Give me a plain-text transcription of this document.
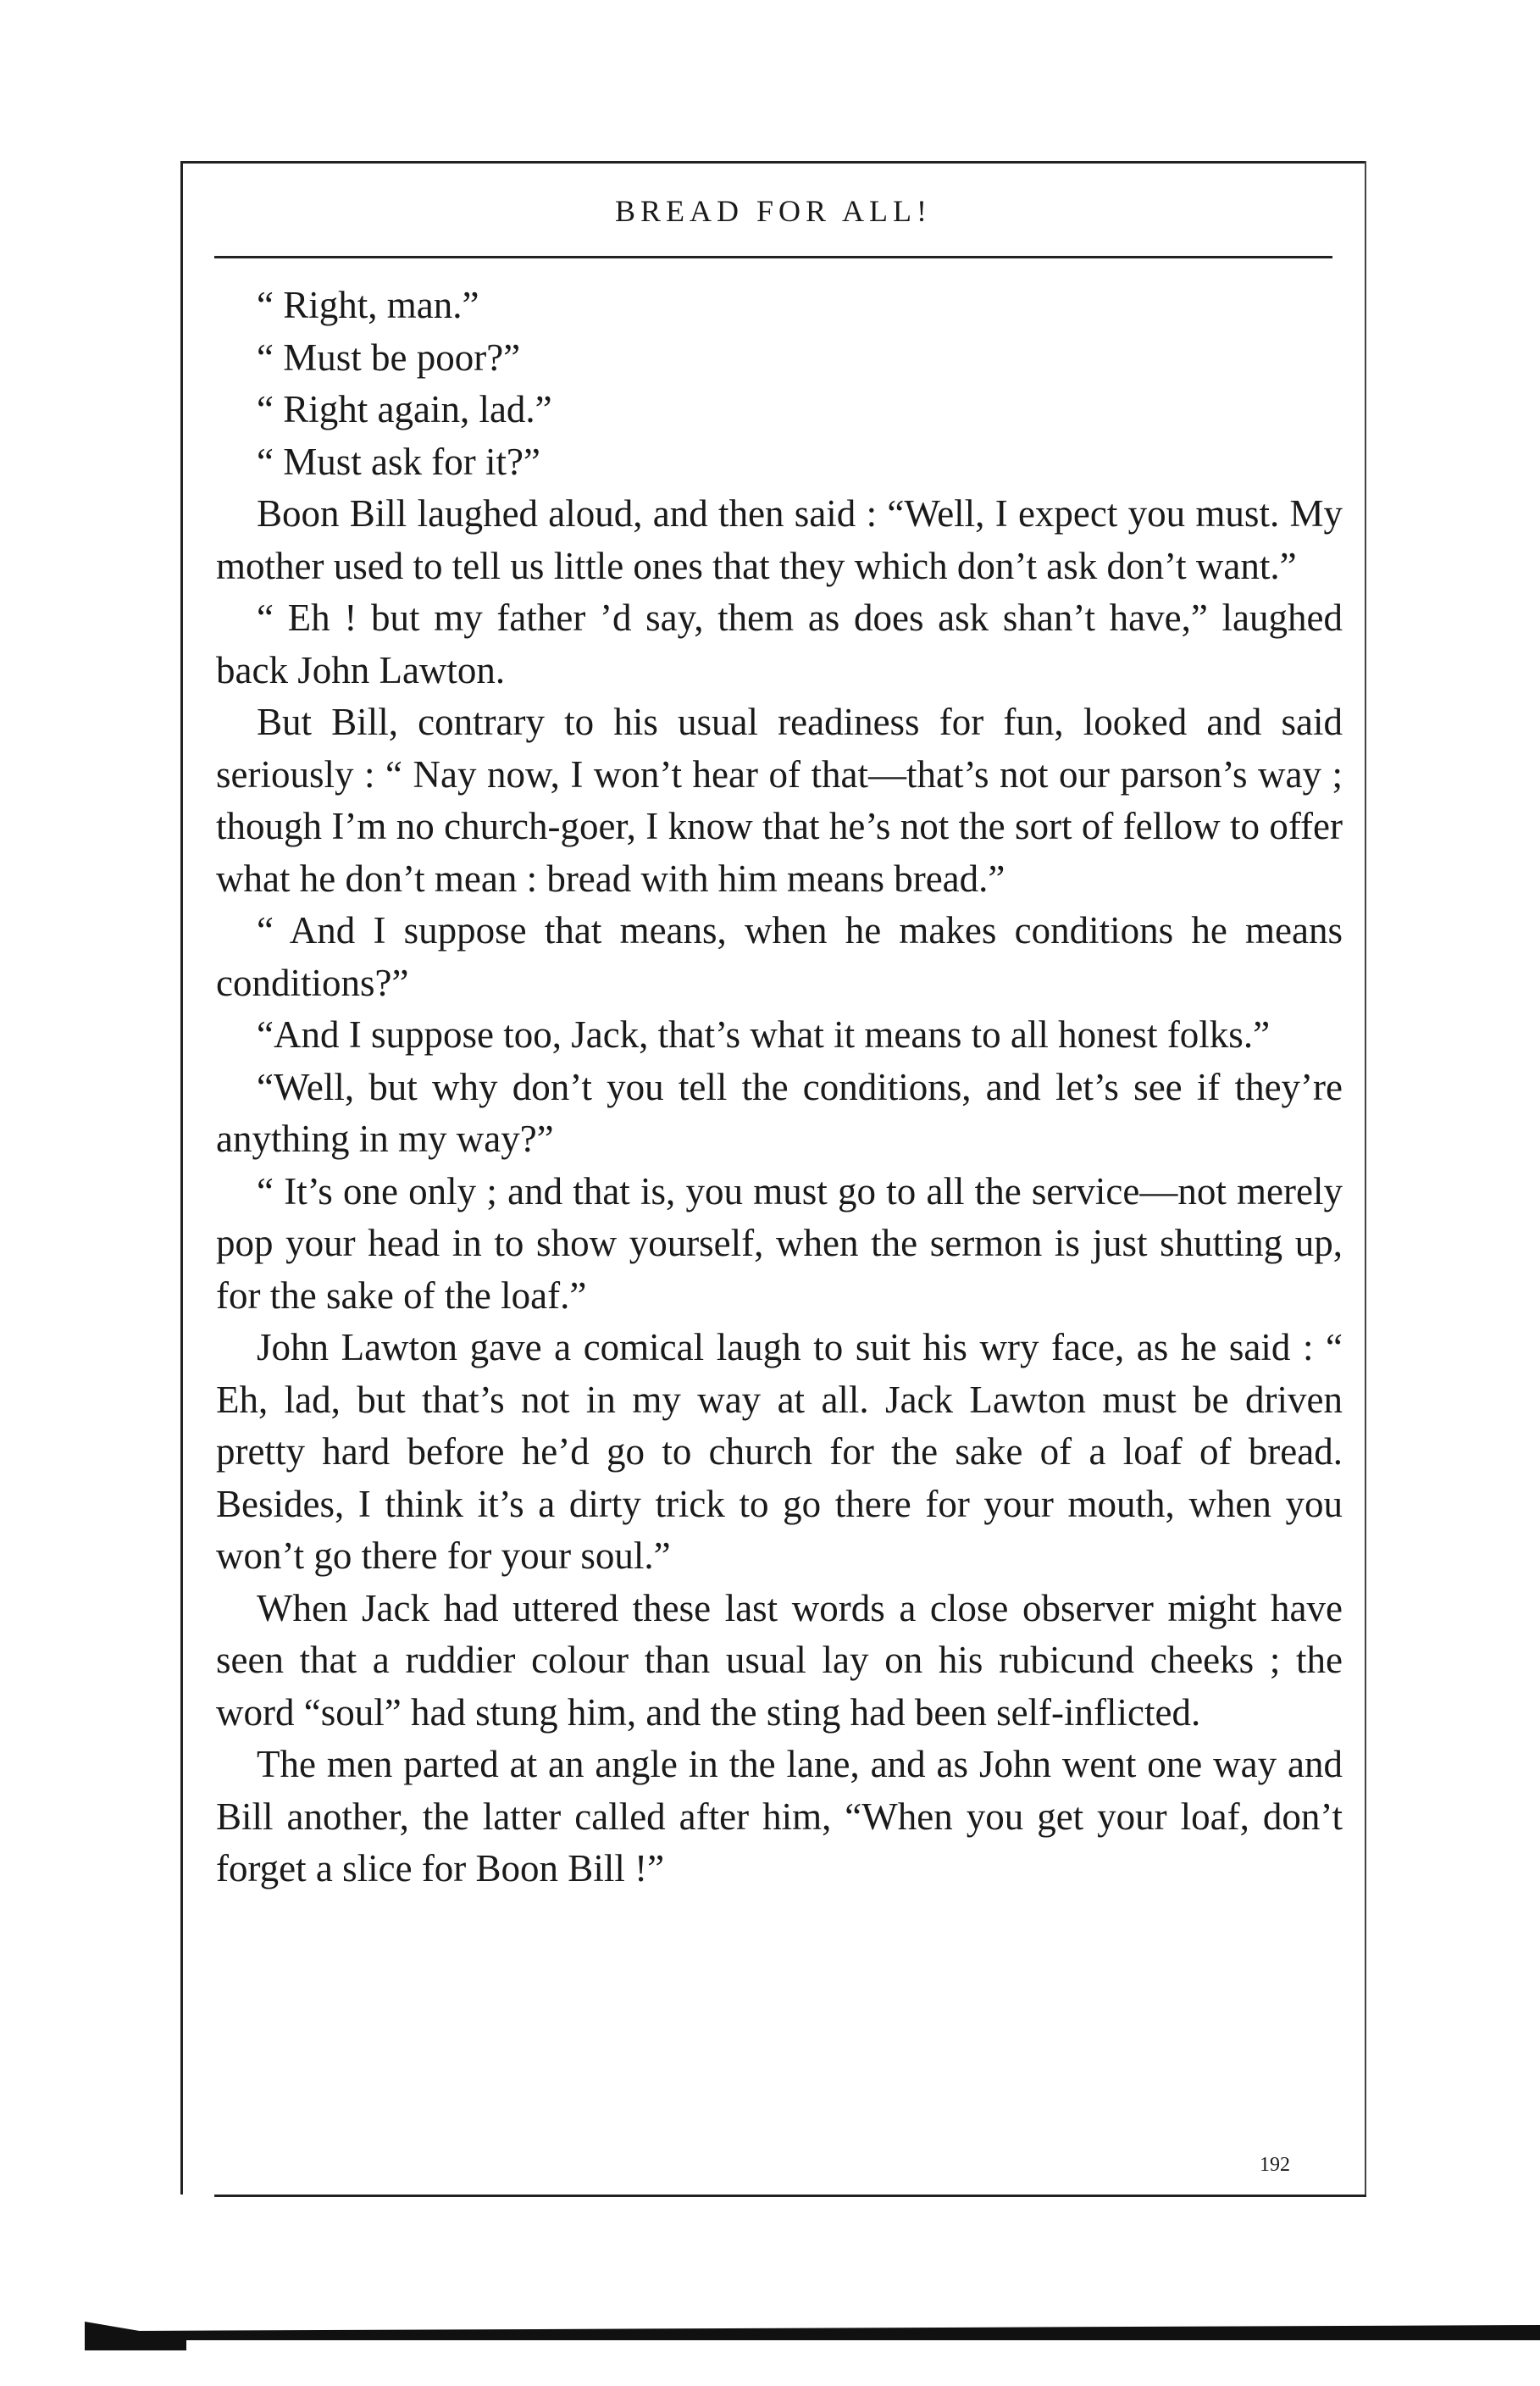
BREAD FOR ALL!

“ Right, man.”

“ Must be poor?”

“ Right again, lad.”

“ Must ask for it?”

Boon Bill laughed aloud, and then said : “Well, I expect you must. My mother used to tell us little ones that they which don’t ask don’t want.”

“ Eh ! but my father ’d say, them as does ask shan’t have,” laughed back John Lawton.

But Bill, contrary to his usual readiness for fun, looked and said seriously : “ Nay now, I won’t hear of that—that’s not our parson’s way ; though I’m no church-goer, I know that he’s not the sort of fellow to offer what he don’t mean : bread with him means bread.”

“ And I suppose that means, when he makes conditions he means conditions?”

“And I suppose too, Jack, that’s what it means to all honest folks.”

“Well, but why don’t you tell the conditions, and let’s see if they’re anything in my way?”

“ It’s one only ; and that is, you must go to all the service—not merely pop your head in to show yourself, when the sermon is just shutting up, for the sake of the loaf.”

John Lawton gave a comical laugh to suit his wry face, as he said : “ Eh, lad, but that’s not in my way at all. Jack Lawton must be driven pretty hard before he’d go to church for the sake of a loaf of bread. Besides, I think it’s a dirty trick to go there for your mouth, when you won’t go there for your soul.”

When Jack had uttered these last words a close observer might have seen that a ruddier colour than usual lay on his rubicund cheeks ; the word “soul” had stung him, and the sting had been self-inflicted.

The men parted at an angle in the lane, and as John went one way and Bill another, the latter called after him, “When you get your loaf, don’t forget a slice for Boon Bill !”

192
